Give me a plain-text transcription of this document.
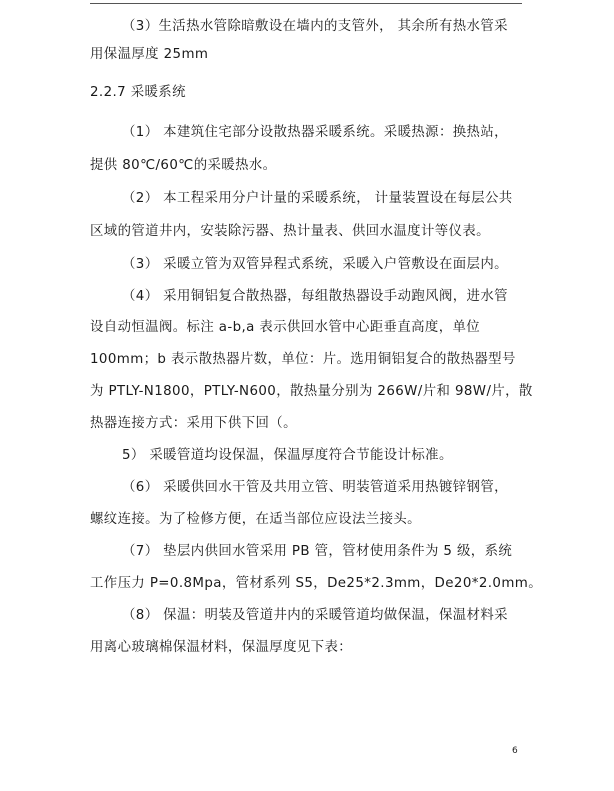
（3）生活热水管除暗敷设在墙内的支管外， 其余所有热水管采
用保温厚度 25mm
2.2.7 采暖系统
（1） 本建筑住宅部分设散热器采暖系统。采暖热源：换热站，
提供 80℃/60℃的采暖热水。
（2） 本工程采用分户计量的采暖系统， 计量装置设在每层公共
区域的管道井内，安装除污器、热计量表、供回水温度计等仪表。
（3） 采暖立管为双管异程式系统，采暖入户管敷设在面层内。
（4） 采用铜铝复合散热器，每组散热器设手动跑风阀，进水管
设自动恒温阀。标注 a-b,a 表示供回水管中心距垂直高度，单位
100mm；b 表示散热器片数，单位：片。选用铜铝复合的散热器型号
为 PTLY-N1800，PTLY-N600，散热量分别为 266W/片和 98W/片，散
热器连接方式：采用下供下回（。
5） 采暖管道均设保温，保温厚度符合节能设计标准。
（6） 采暖供回水干管及共用立管、明装管道采用热镀锌钢管，
螺纹连接。为了检修方便，在适当部位应设法兰接头。
（7） 垫层内供回水管采用 PB 管，管材使用条件为 5 级，系统
工作压力 P=0.8Mpa，管材系列 S5，De25*2.3mm，De20*2.0mm。
（8） 保温：明装及管道井内的采暖管道均做保温，保温材料采
用离心玻璃棉保温材料，保温厚度见下表：
6
